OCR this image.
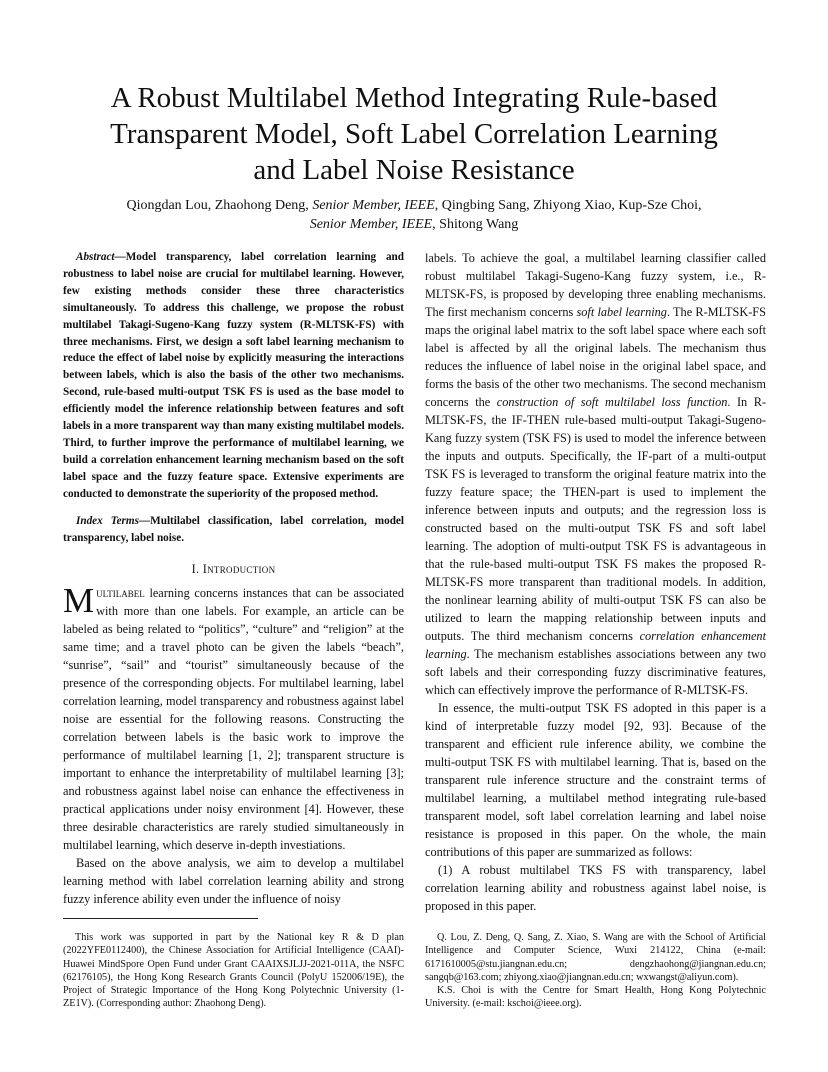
A Robust Multilabel Method Integrating Rule-based
Transparent Model, Soft Label Correlation Learning
and Label Noise Resistance
Qiongdan Lou, Zhaohong Deng, Senior Member, IEEE, Qingbing Sang, Zhiyong Xiao, Kup-Sze Choi,
Senior Member, IEEE, Shitong Wang

Abstract—Model transparency, label correlation learning and robustness to label noise are crucial for multilabel learning. However, few existing methods consider these three characteristics simultaneously. To address this challenge, we propose the robust multilabel Takagi-Sugeno-Kang fuzzy system (R-MLTSK-FS) with three mechanisms. First, we design a soft label learning mechanism to reduce the effect of label noise by explicitly measuring the interactions between labels, which is also the basis of the other two mechanisms. Second, rule-based multi-output TSK FS is used as the base model to efficiently model the inference relationship between features and soft labels in a more transparent way than many existing multilabel models. Third, to further improve the performance of multilabel learning, we build a correlation enhancement learning mechanism based on the soft label space and the fuzzy feature space. Extensive experiments are conducted to demonstrate the superiority of the proposed method.

Index Terms—Multilabel classification, label correlation, model transparency, label noise.

I. Introduction

Multilabel learning concerns instances that can be associated with more than one labels. For example, an article can be labeled as being related to “politics”, “culture” and “religion” at the same time; and a travel photo can be given the labels “beach”, “sunrise”, “sail” and “tourist” simultaneously because of the presence of the corresponding objects. For multilabel learning, label correlation learning, model transparency and robustness against label noise are essential for the following reasons. Constructing the correlation between labels is the basic work to improve the performance of multilabel learning [1, 2]; transparent structure is important to enhance the interpretability of multilabel learning [3]; and robustness against label noise can enhance the effectiveness in practical applications under noisy environment [4]. However, these three desirable characteristics are rarely studied simultaneously in multilabel learning, which deserve in-depth investiations.

Based on the above analysis, we aim to develop a multilabel learning method with label correlation learning ability and strong fuzzy inference ability even under the influence of noisy

labels. To achieve the goal, a multilabel learning classifier called robust multilabel Takagi-Sugeno-Kang fuzzy system, i.e., R-MLTSK-FS, is proposed by developing three enabling mechanisms. The first mechanism concerns soft label learning. The R-MLTSK-FS maps the original label matrix to the soft label space where each soft label is affected by all the original labels. The mechanism thus reduces the influence of label noise in the original label space, and forms the basis of the other two mechanisms. The second mechanism concerns the construction of soft multilabel loss function. In R-MLTSK-FS, the IF-THEN rule-based multi-output Takagi-Sugeno-Kang fuzzy system (TSK FS) is used to model the inference between the inputs and outputs. Specifically, the IF-part of a multi-output TSK FS is leveraged to transform the original feature matrix into the fuzzy feature space; the THEN-part is used to implement the inference between inputs and outputs; and the regression loss is constructed based on the multi-output TSK FS and soft label learning. The adoption of multi-output TSK FS is advantageous in that the rule-based multi-output TSK FS makes the proposed R-MLTSK-FS more transparent than traditional models. In addition, the nonlinear learning ability of multi-output TSK FS can also be utilized to learn the mapping relationship between inputs and outputs. The third mechanism concerns correlation enhancement learning. The mechanism establishes associations between any two soft labels and their corresponding fuzzy discriminative features, which can effectively improve the performance of R-MLTSK-FS.

In essence, the multi-output TSK FS adopted in this paper is a kind of interpretable fuzzy model [92, 93]. Because of the transparent and efficient rule inference ability, we combine the multi-output TSK FS with multilabel learning. That is, based on the transparent rule inference structure and the constraint terms of multilabel learning, a multilabel method integrating rule-based transparent model, soft label correlation learning and label noise resistance is proposed in this paper. On the whole, the main contributions of this paper are summarized as follows:

(1) A robust multilabel TKS FS with transparency, label correlation learning ability and robustness against label noise, is proposed in this paper.

This work was supported in part by the National key R & D plan (2022YFE0112400), the Chinese Association for Artificial Intelligence (CAAI)-Huawei MindSpore Open Fund under Grant CAAIXSJLJJ-2021-011A, the NSFC (62176105), the Hong Kong Research Grants Council (PolyU 152006/19E), the Project of Strategic Importance of the Hong Kong Polytechnic University (1-ZE1V). (Corresponding author: Zhaohong Deng).

Q. Lou, Z. Deng, Q. Sang, Z. Xiao, S. Wang are with the School of Artificial Intelligence and Computer Science, Wuxi 214122, China (e-mail: 6171610005@stu.jiangnan.edu.cn; dengzhaohong@jiangnan.edu.cn; sangqb@163.com; zhiyong.xiao@jiangnan.edu.cn; wxwangst@aliyun.com).

K.S. Choi is with the Centre for Smart Health, Hong Kong Polytechnic University. (e-mail: kschoi@ieee.org).
